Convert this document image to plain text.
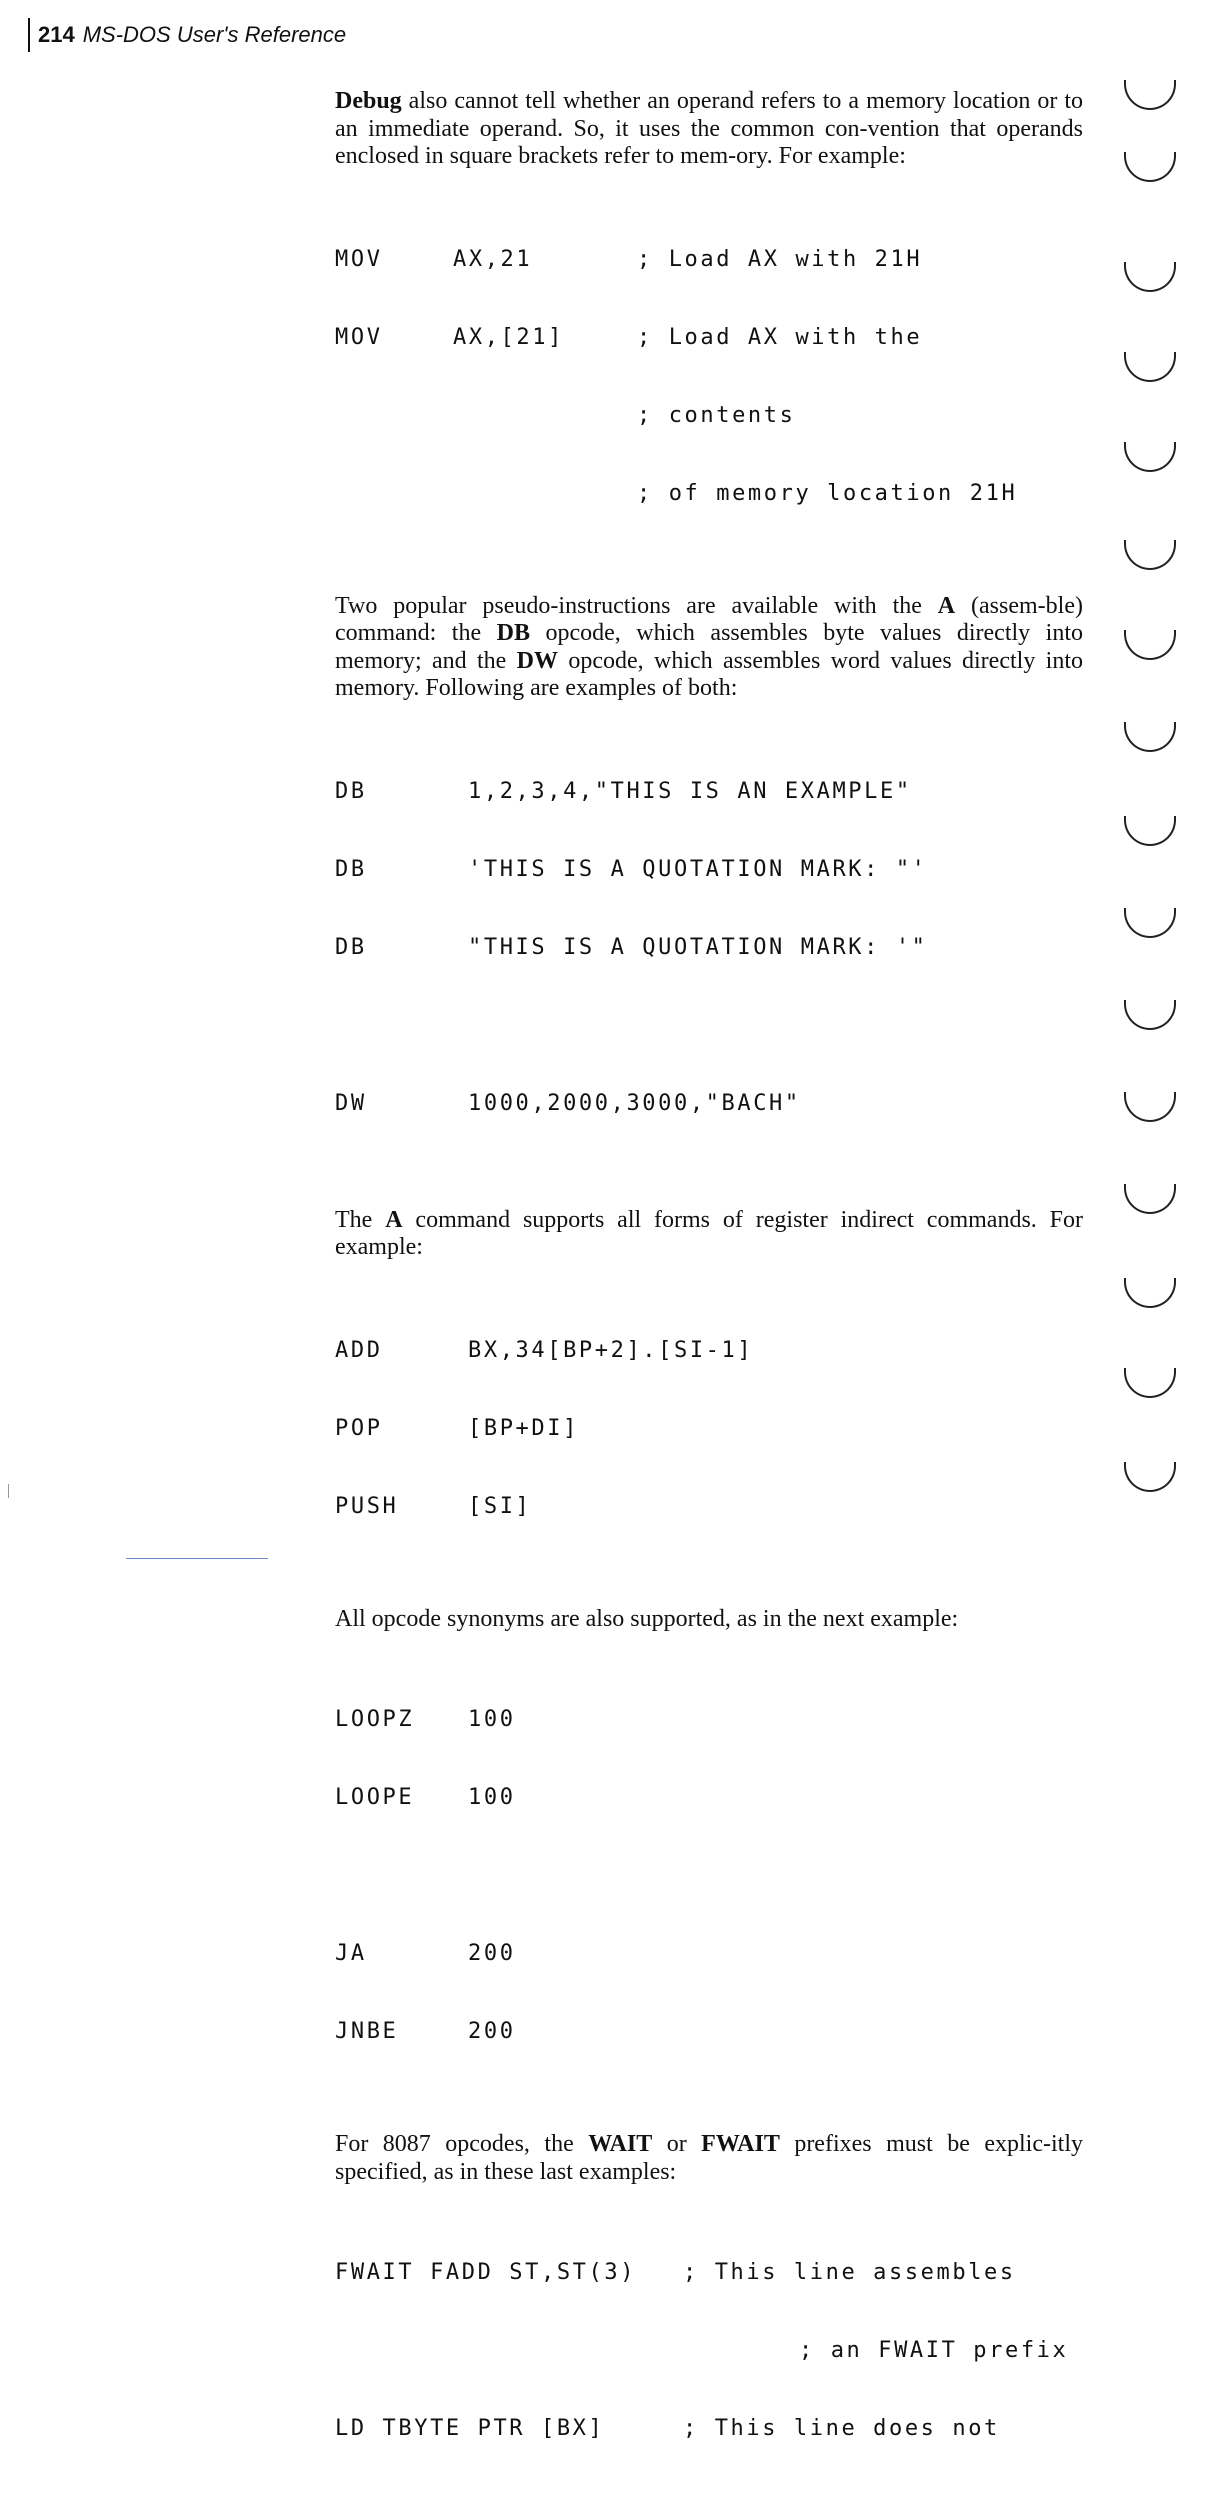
214 MS-DOS User's Reference

Debug also cannot tell whether an operand refers to a memory location or to an immediate operand. So, it uses the common con-vention that operands enclosed in square brackets refer to mem-ory. For example:

MOV	AX,21	; Load AX with 21H

MOV	AX,[21]	; Load AX with the

; contents

; of memory location 21H

Two popular pseudo-instructions are available with the A (assem-ble) command: the DB opcode, which assembles byte values directly into memory; and the DW opcode, which assembles word values directly into memory. Following are examples of both:

DB	1,2,3,4,"THIS IS AN EXAMPLE"

DB	'THIS IS A QUOTATION MARK: "'

DB	"THIS IS A QUOTATION MARK: '"

DW	1000,2000,3000,"BACH"

The A command supports all forms of register indirect commands. For example:

ADD	BX,34[BP+2].[SI-1]

POP	[BP+DI]

PUSH	[SI]

All opcode synonyms are also supported, as in the next example:

LOOPZ 100

LOOPE 100

JA	200

JNBE	200

For 8087 opcodes, the WAIT or FWAIT prefixes must be explic-itly specified, as in these last examples:

FWAIT FADD ST,ST(3) ; This line assembles

; an FWAIT prefix

LD TBYTE PTR [BX]	; This line does not
